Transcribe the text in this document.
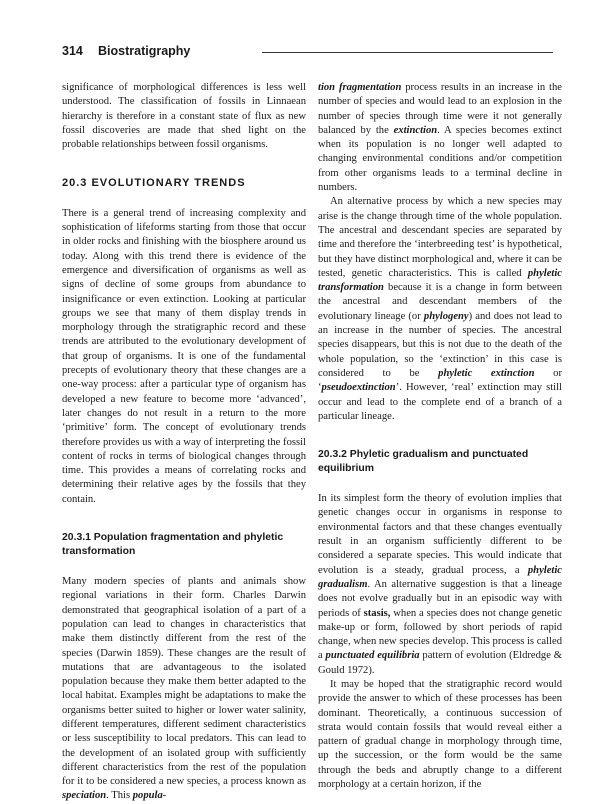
314 Biostratigraphy

significance of morphological differences is less well understood. The classification of fossils in Linnaean hierarchy is therefore in a constant state of flux as new fossil discoveries are made that shed light on the probable relationships between fossil organisms.

20.3 EVOLUTIONARY TRENDS

There is a general trend of increasing complexity and sophistication of lifeforms starting from those that occur in older rocks and finishing with the biosphere around us today. Along with this trend there is evidence of the emergence and diversification of organisms as well as signs of decline of some groups from abundance to insignificance or even extinction. Looking at particular groups we see that many of them display trends in morphology through the stratigraphic record and these trends are attributed to the evolutionary development of that group of organisms. It is one of the fundamental precepts of evolutionary theory that these changes are a one-way process: after a particular type of organism has developed a new feature to become more ‘advanced’, later changes do not result in a return to the more ‘primitive’ form. The concept of evolutionary trends therefore provides us with a way of interpreting the fossil content of rocks in terms of biological changes through time. This provides a means of correlating rocks and determining their relative ages by the fossils that they contain.

20.3.1 Population fragmentation and phyletic transformation

Many modern species of plants and animals show regional variations in their form. Charles Darwin demonstrated that geographical isolation of a part of a population can lead to changes in characteristics that make them distinctly different from the rest of the species (Darwin 1859). These changes are the result of mutations that are advantageous to the isolated population because they make them better adapted to the local habitat. Examples might be adaptations to make the organisms better suited to higher or lower water salinity, different temperatures, different sediment characteristics or less susceptibility to local predators. This can lead to the development of an isolated group with sufficiently different characteristics from the rest of the population for it to be considered a new species, a process known as speciation. This popula-

tion fragmentation process results in an increase in the number of species and would lead to an explosion in the number of species through time were it not generally balanced by the extinction. A species becomes extinct when its population is no longer well adapted to changing environmental conditions and/or competition from other organisms leads to a terminal decline in numbers.

An alternative process by which a new species may arise is the change through time of the whole population. The ancestral and descendant species are separated by time and therefore the ‘interbreeding test’ is hypothetical, but they have distinct morphological and, where it can be tested, genetic characteristics. This is called phyletic transformation because it is a change in form between the ancestral and descendant members of the evolutionary lineage (or phylogeny) and does not lead to an increase in the number of species. The ancestral species disappears, but this is not due to the death of the whole population, so the ‘extinction’ in this case is considered to be phyletic extinction or ‘pseudoextinction’. However, ‘real’ extinction may still occur and lead to the complete end of a branch of a particular lineage.

20.3.2 Phyletic gradualism and punctuated equilibrium

In its simplest form the theory of evolution implies that genetic changes occur in organisms in response to environmental factors and that these changes eventually result in an organism sufficiently different to be considered a separate species. This would indicate that evolution is a steady, gradual process, a phyletic gradualism. An alternative suggestion is that a lineage does not evolve gradually but in an episodic way with periods of stasis, when a species does not change genetic make-up or form, followed by short periods of rapid change, when new species develop. This process is called a punctuated equilibria pattern of evolution (Eldredge & Gould 1972).

It may be hoped that the stratigraphic record would provide the answer to which of these processes has been dominant. Theoretically, a continuous succession of strata would contain fossils that would reveal either a pattern of gradual change in morphology through time, up the succession, or the form would be the same through the beds and abruptly change to a different morphology at a certain horizon, if the
